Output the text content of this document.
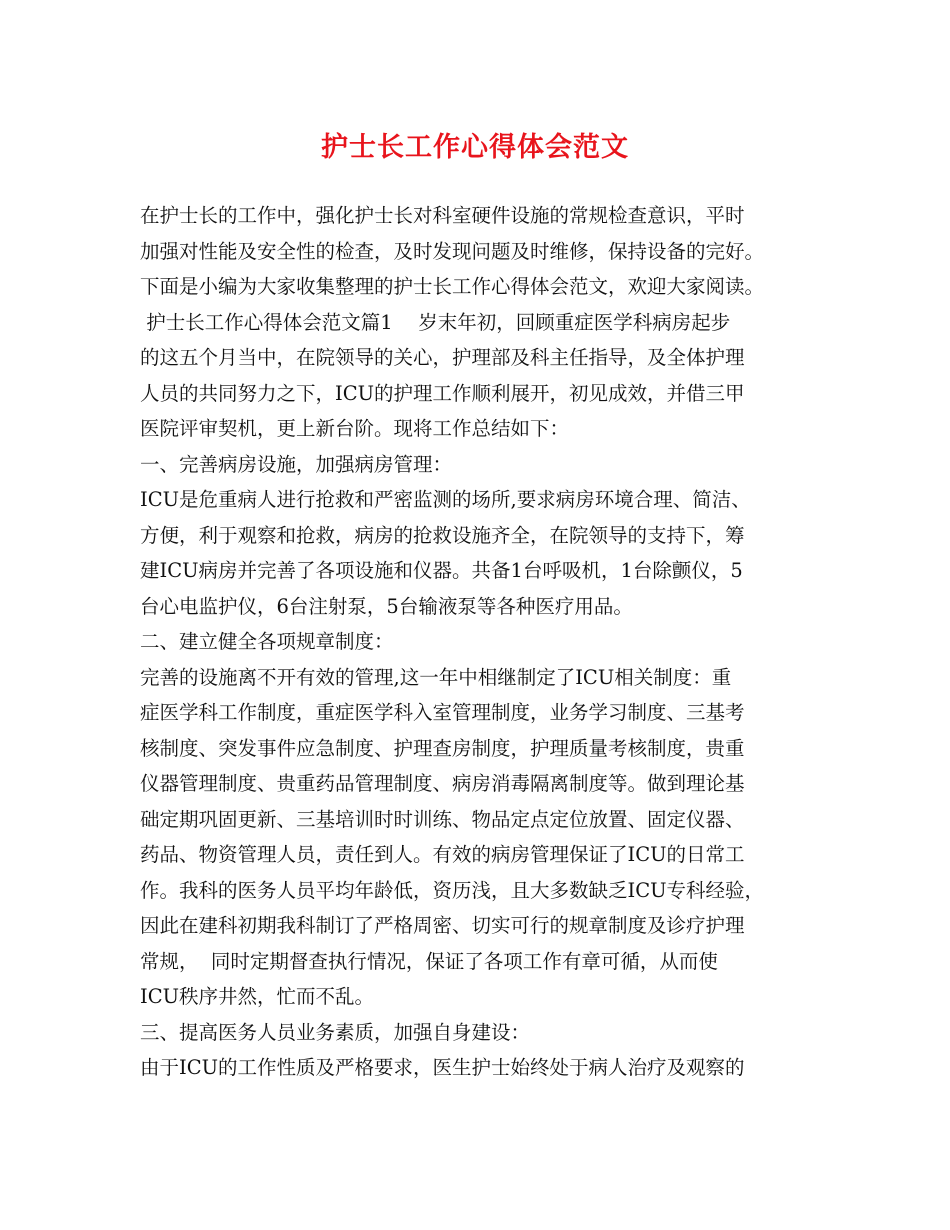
护士长工作心得体会范文
在护士长的工作中，强化护士长对科室硬件设施的常规检查意识，平时
加强对性能及安全性的检查，及时发现问题及时维修，保持设备的完好。
下面是小编为大家收集整理的护士长工作心得体会范文，欢迎大家阅读。
护士长工作心得体会范文篇1　 岁末年初，回顾重症医学科病房起步
的这五个月当中，在院领导的关心，护理部及科主任指导，及全体护理
人员的共同努力之下，ICU的护理工作顺利展开，初见成效，并借三甲
医院评审契机，更上新台阶。现将工作总结如下：
一、完善病房设施，加强病房管理：
ICU是危重病人进行抢救和严密监测的场所,要求病房环境合理、简洁、
方便，利于观察和抢救，病房的抢救设施齐全，在院领导的支持下，筹
建ICU病房并完善了各项设施和仪器。共备1台呼吸机，1台除颤仪，5
台心电监护仪，6台注射泵，5台输液泵等各种医疗用品。
二、建立健全各项规章制度：
完善的设施离不开有效的管理,这一年中相继制定了ICU相关制度：重
症医学科工作制度，重症医学科入室管理制度，业务学习制度、三基考
核制度、突发事件应急制度、护理查房制度，护理质量考核制度，贵重
仪器管理制度、贵重药品管理制度、病房消毒隔离制度等。做到理论基
础定期巩固更新、三基培训时时训练、物品定点定位放置、固定仪器、
药品、物资管理人员，责任到人。有效的病房管理保证了ICU的日常工
作。我科的医务人员平均年龄低，资历浅，且大多数缺乏ICU专科经验，
因此在建科初期我科制订了严格周密、切实可行的规章制度及诊疗护理
常规，  同时定期督查执行情况，保证了各项工作有章可循，从而使
ICU秩序井然，忙而不乱。
三、提高医务人员业务素质，加强自身建设：
由于ICU的工作性质及严格要求，医生护士始终处于病人治疗及观察的
